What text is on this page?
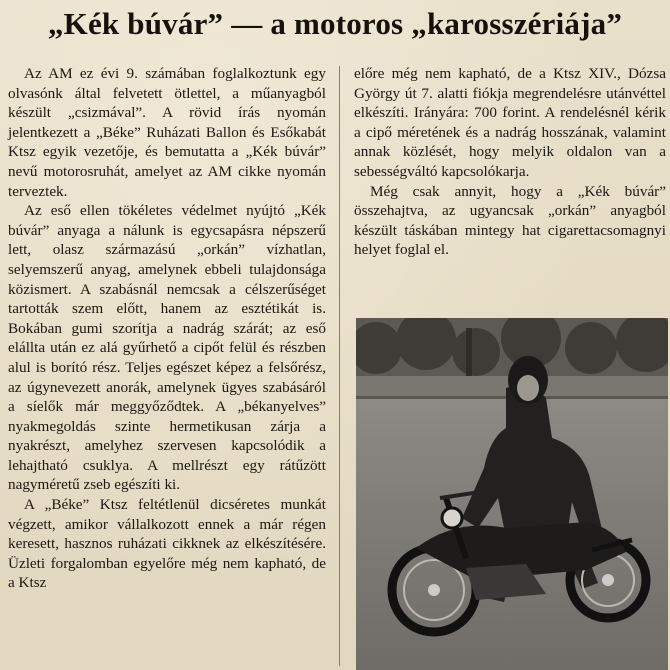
„Kék búvár” — a motoros „karosszériája”

Az AM ez évi 9. számában foglalkoztunk egy olvasónk által felvetett ötlettel, a műanyagból készült „csizmával”. A rövid írás nyomán jelentkezett a „Béke” Ruházati Ballon és Esőkabát Ktsz egyik vezetője, és bemutatta a „Kék búvár” nevű motorosruhát, amelyet az AM cikke nyomán terveztek.

Az eső ellen tökéletes védelmet nyújtó „Kék búvár” anyaga a nálunk is egycsapásra népszerű lett, olasz származású „orkán” vízhatlan, selyemszerű anyag, amelynek ebbeli tulajdonsága közismert. A szabásnál nemcsak a célszerűséget tartották szem előtt, hanem az esztétikát is. Bokában gumi szorítja a nadrág szárát; az eső elállta után ez alá gyűrhető a cipőt felül és részben alul is borító rész. Teljes egészet képez a felsőrész, az úgynevezett anorák, amelynek ügyes szabásáról a síelők már meggyőződtek. A „békanyelves” nyakmegoldás szinte hermetikusan zárja a nyakrészt, amelyhez szervesen kapcsolódik a lehajtható csuklya. A mellrészt egy rátűzött nagyméretű zseb egészíti ki.

A „Béke” Ktsz feltétlenül dicséretes munkát végzett, amikor vállalkozott ennek a már régen keresett, hasznos ruházati cikknek az elkészítésére. Üzleti forgalomban egyelőre még nem kapható, de a Ktsz

előre még nem kapható, de a Ktsz XIV., Dózsa György út 7. alatti fiókja megrendelésre utánvéttel elkészíti. Irányára: 700 forint. A rendelésnél kérik a cipő méretének és a nadrág hosszának, valamint annak közlését, hogy melyik oldalon van a sebességváltó kapcsolókarja.

Még csak annyit, hogy a „Kék búvár” összehajtva, az ugyancsak „orkán” anyagból készült táskában mintegy hat cigarettacsomagnyi helyet foglal el.
